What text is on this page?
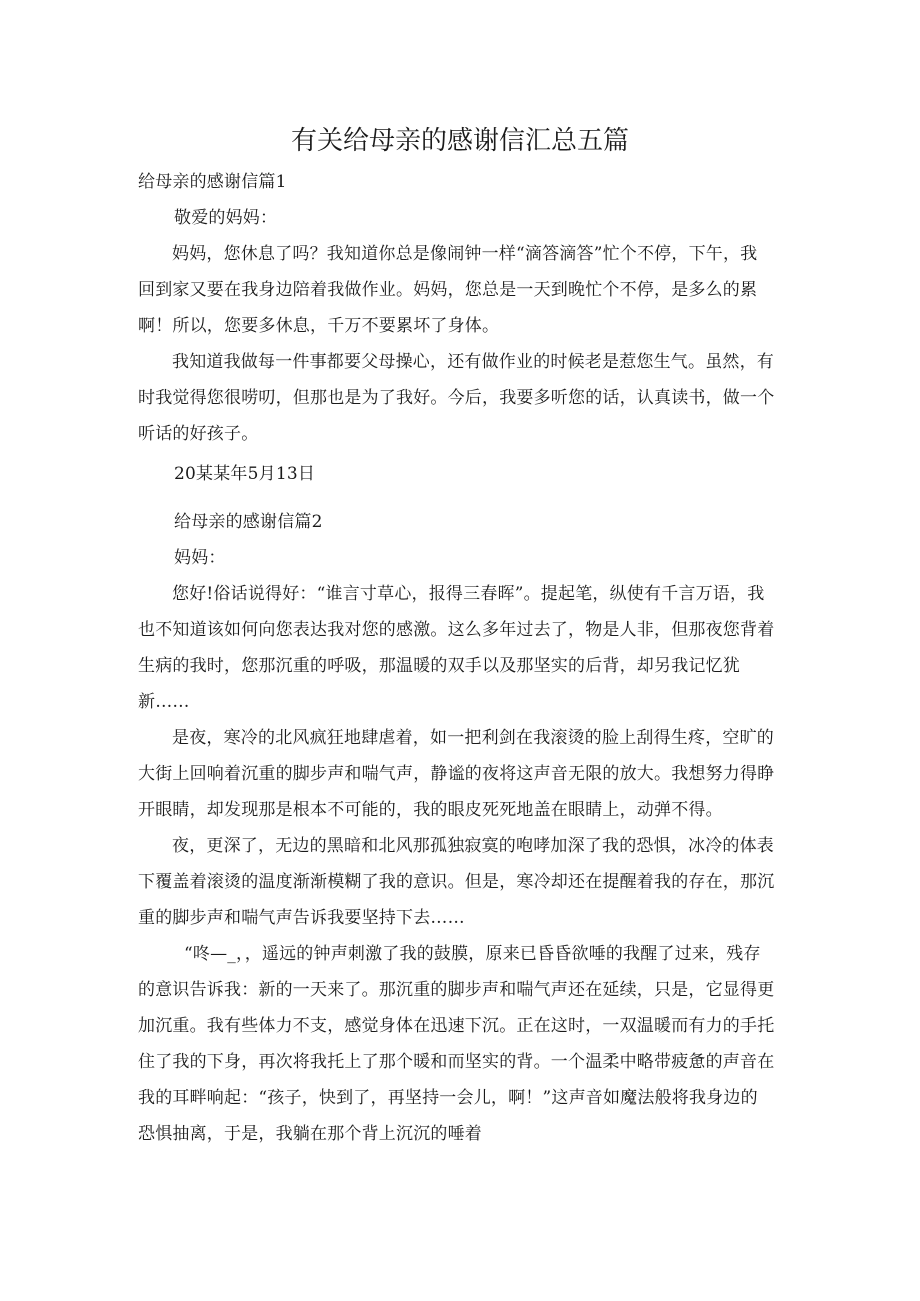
有关给母亲的感谢信汇总五篇
给母亲的感谢信篇1
敬爱的妈妈：
妈妈，您休息了吗？我知道你总是像闹钟一样“滴答滴答”忙个不停，下午，我
回到家又要在我身边陪着我做作业。妈妈，您总是一天到晚忙个不停，是多么的累
啊！所以，您要多休息，千万不要累坏了身体。
我知道我做每一件事都要父母操心，还有做作业的时候老是惹您生气。虽然，有
时我觉得您很唠叨，但那也是为了我好。今后，我要多听您的话，认真读书，做一个
听话的好孩子。
20某某年5月13日
给母亲的感谢信篇2
妈妈：
您好!俗话说得好：“谁言寸草心，报得三春晖”。提起笔，纵使有千言万语，我
也不知道该如何向您表达我对您的感激。这么多年过去了，物是人非，但那夜您背着
生病的我时，您那沉重的呼吸，那温暖的双手以及那坚实的后背，却另我记忆犹
新……
是夜，寒冷的北风疯狂地肆虐着，如一把利剑在我滚烫的脸上刮得生疼，空旷的
大街上回响着沉重的脚步声和喘气声，静谧的夜将这声音无限的放大。我想努力得睁
开眼睛，却发现那是根本不可能的，我的眼皮死死地盖在眼睛上，动弹不得。
夜，更深了，无边的黑暗和北风那孤独寂寞的咆哮加深了我的恐惧，冰冷的体表
下覆盖着滚烫的温度渐渐模糊了我的意识。但是，寒冷却还在提醒着我的存在，那沉
重的脚步声和喘气声告诉我要坚持下去……
“咚—_，，遥远的钟声刺激了我的鼓膜，原来已昏昏欲唾的我醒了过来，残存
的意识告诉我：新的一天来了。那沉重的脚步声和喘气声还在延续，只是，它显得更
加沉重。我有些体力不支，感觉身体在迅速下沉。正在这时，一双温暖而有力的手托
住了我的下身，再次将我托上了那个暖和而坚实的背。一个温柔中略带疲惫的声音在
我的耳畔响起：“孩子，快到了，再坚持一会儿，啊！”这声音如魔法般将我身边的
恐惧抽离，于是，我躺在那个背上沉沉的唾着
